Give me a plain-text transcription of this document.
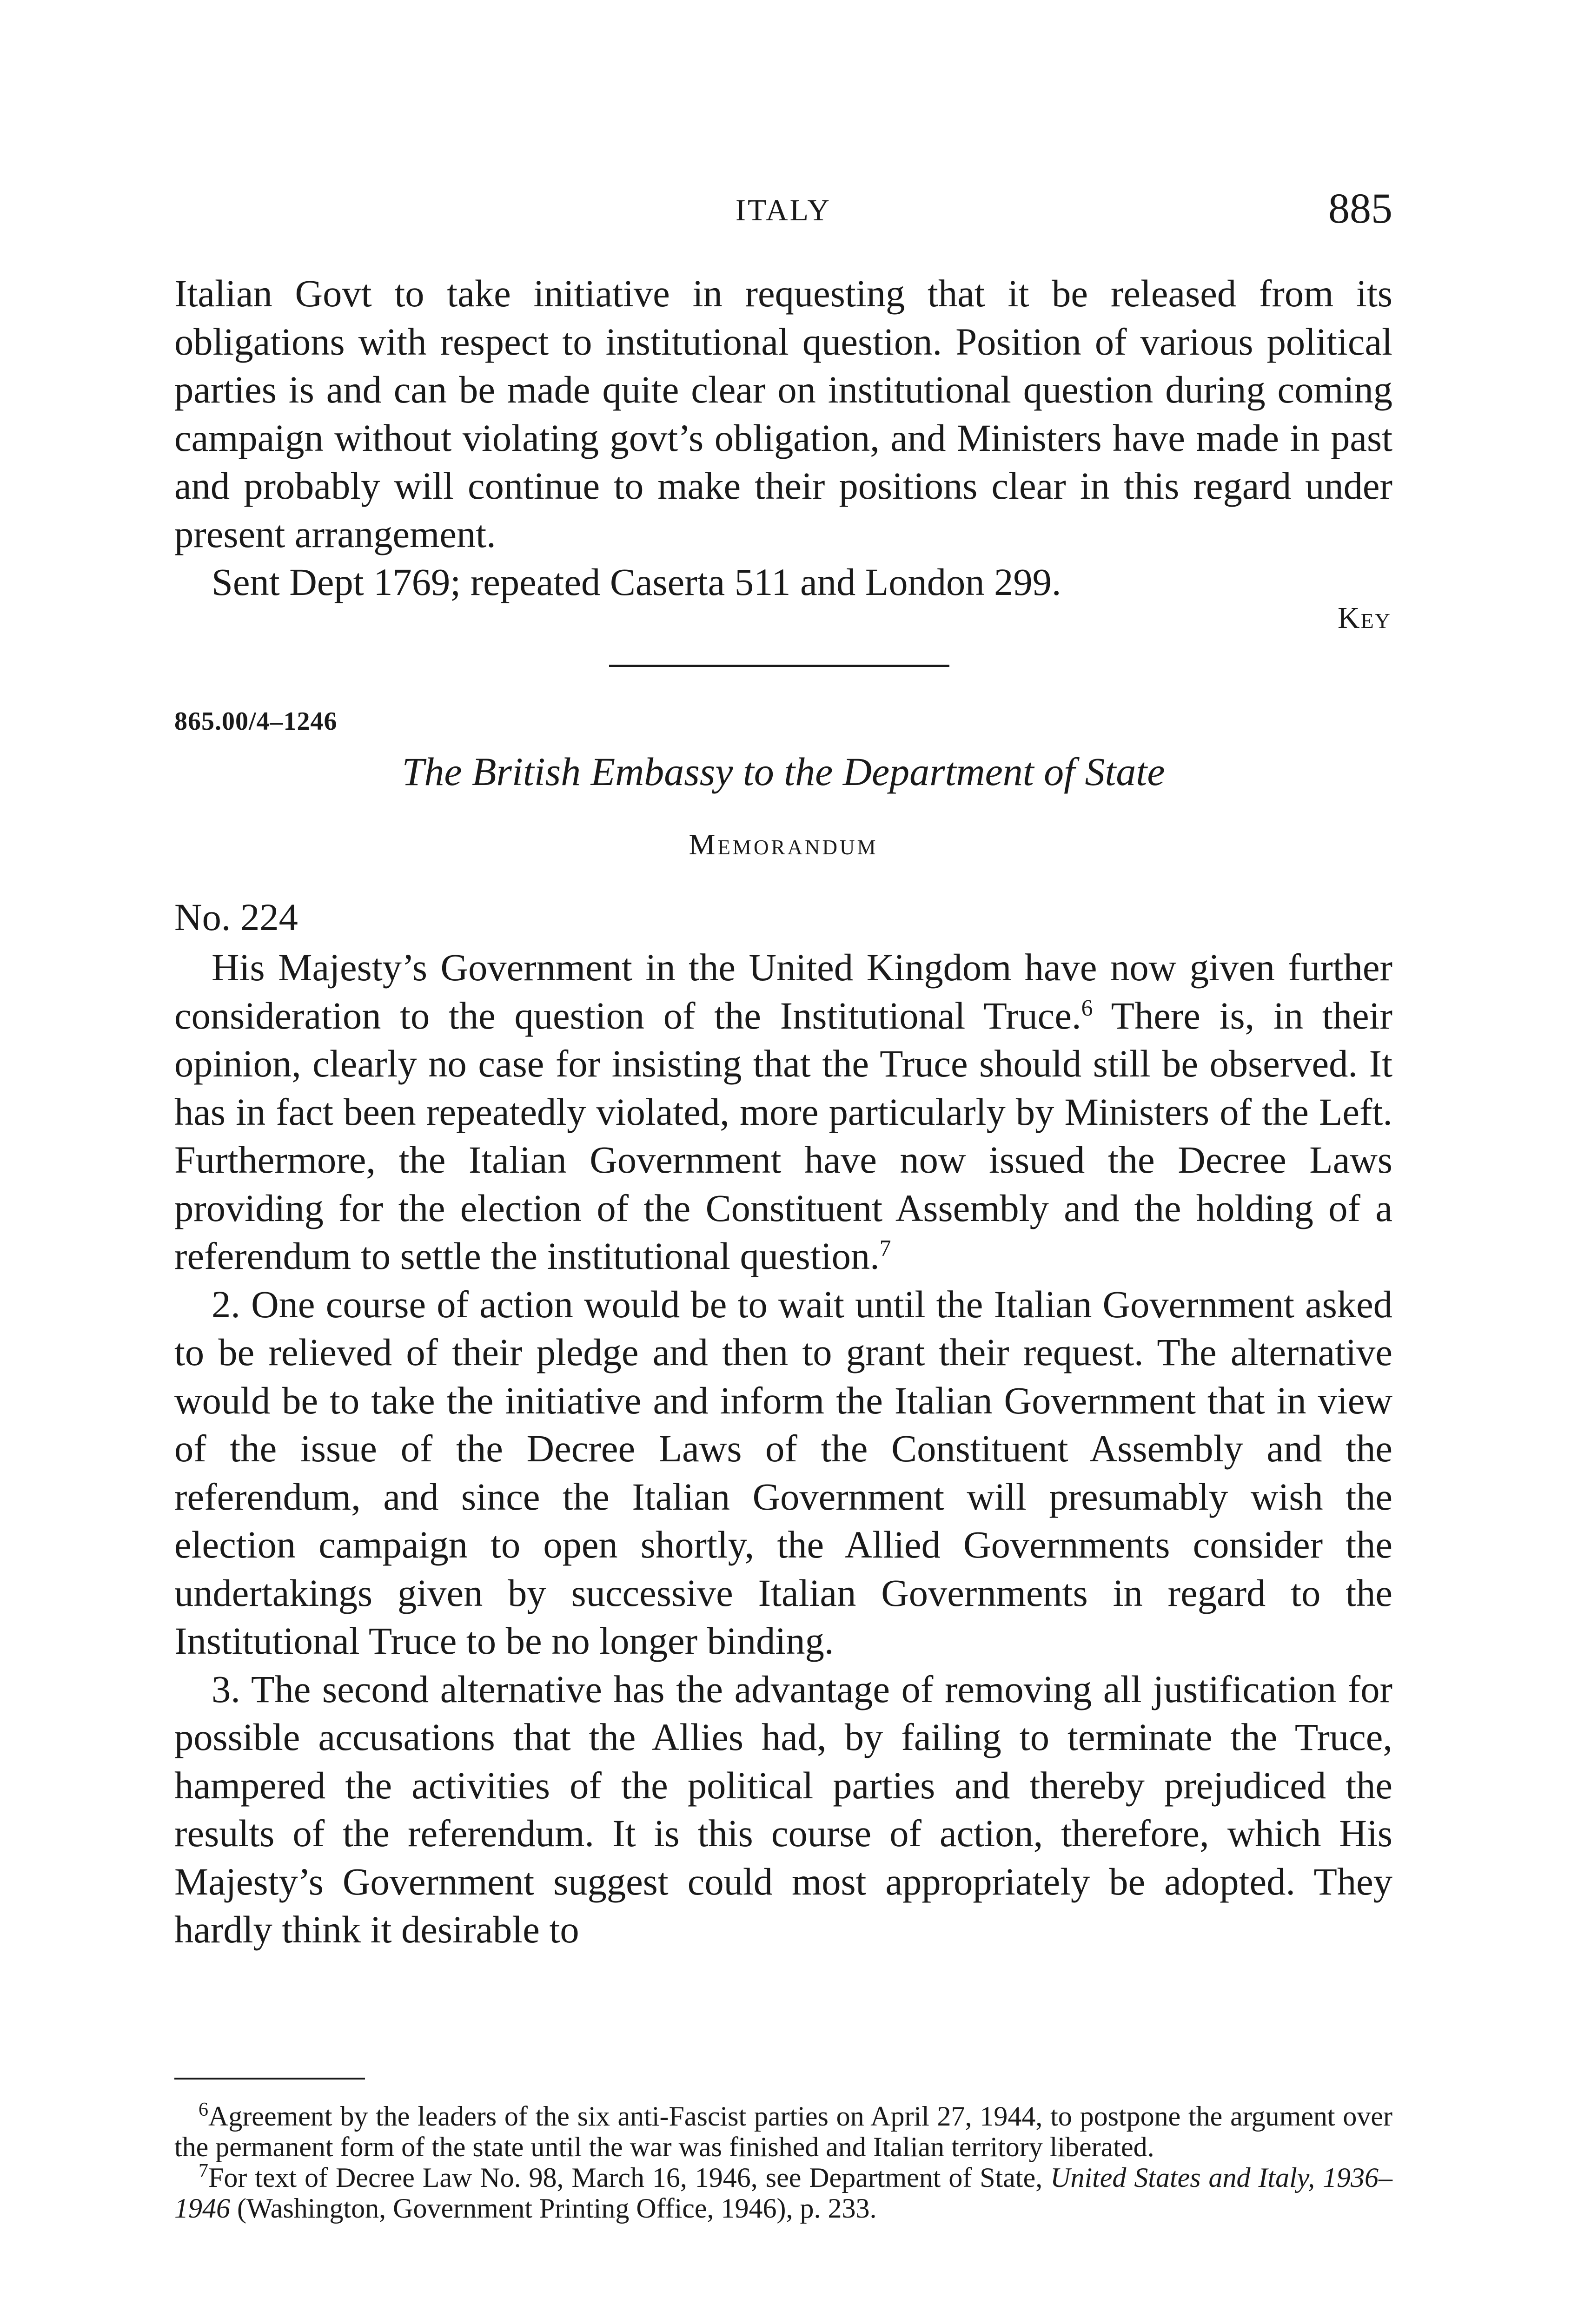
ITALY	885

Italian Govt to take initiative in requesting that it be released from its obligations with respect to institutional question. Position of various political parties is and can be made quite clear on institutional question during coming campaign without violating govt’s obligation, and Ministers have made in past and probably will continue to make their positions clear in this regard under present arrangement.

Sent Dept 1769; repeated Caserta 511 and London 299.

Key
865.00/4–1246
The British Embassy to the Department of State
Memorandum
No. 224

His Majesty’s Government in the United Kingdom have now given further consideration to the question of the Institutional Truce.$^6$ There is, in their opinion, clearly no case for insisting that the Truce should still be observed. It has in fact been repeatedly violated, more particularly by Ministers of the Left. Furthermore, the Italian Government have now issued the Decree Laws providing for the election of the Constituent Assembly and the holding of a referendum to settle the institutional question.$^7$

2. One course of action would be to wait until the Italian Government asked to be relieved of their pledge and then to grant their request. The alternative would be to take the initiative and inform the Italian Government that in view of the issue of the Decree Laws of the Constituent Assembly and the referendum, and since the Italian Government will presumably wish the election campaign to open shortly, the Allied Governments consider the undertakings given by successive Italian Governments in regard to the Institutional Truce to be no longer binding.

3. The second alternative has the advantage of removing all justification for possible accusations that the Allies had, by failing to terminate the Truce, hampered the activities of the political parties and thereby prejudiced the results of the referendum. It is this course of action, therefore, which His Majesty’s Government suggest could most appropriately be adopted. They hardly think it desirable to

$^6$Agreement by the leaders of the six anti-Fascist parties on April 27, 1944, to postpone the argument over the permanent form of the state until the war was finished and Italian territory liberated.

$^7$For text of Decree Law No. 98, March 16, 1946, see Department of State, United States and Italy, 1936–1946 (Washington, Government Printing Office, 1946), p. 233.
